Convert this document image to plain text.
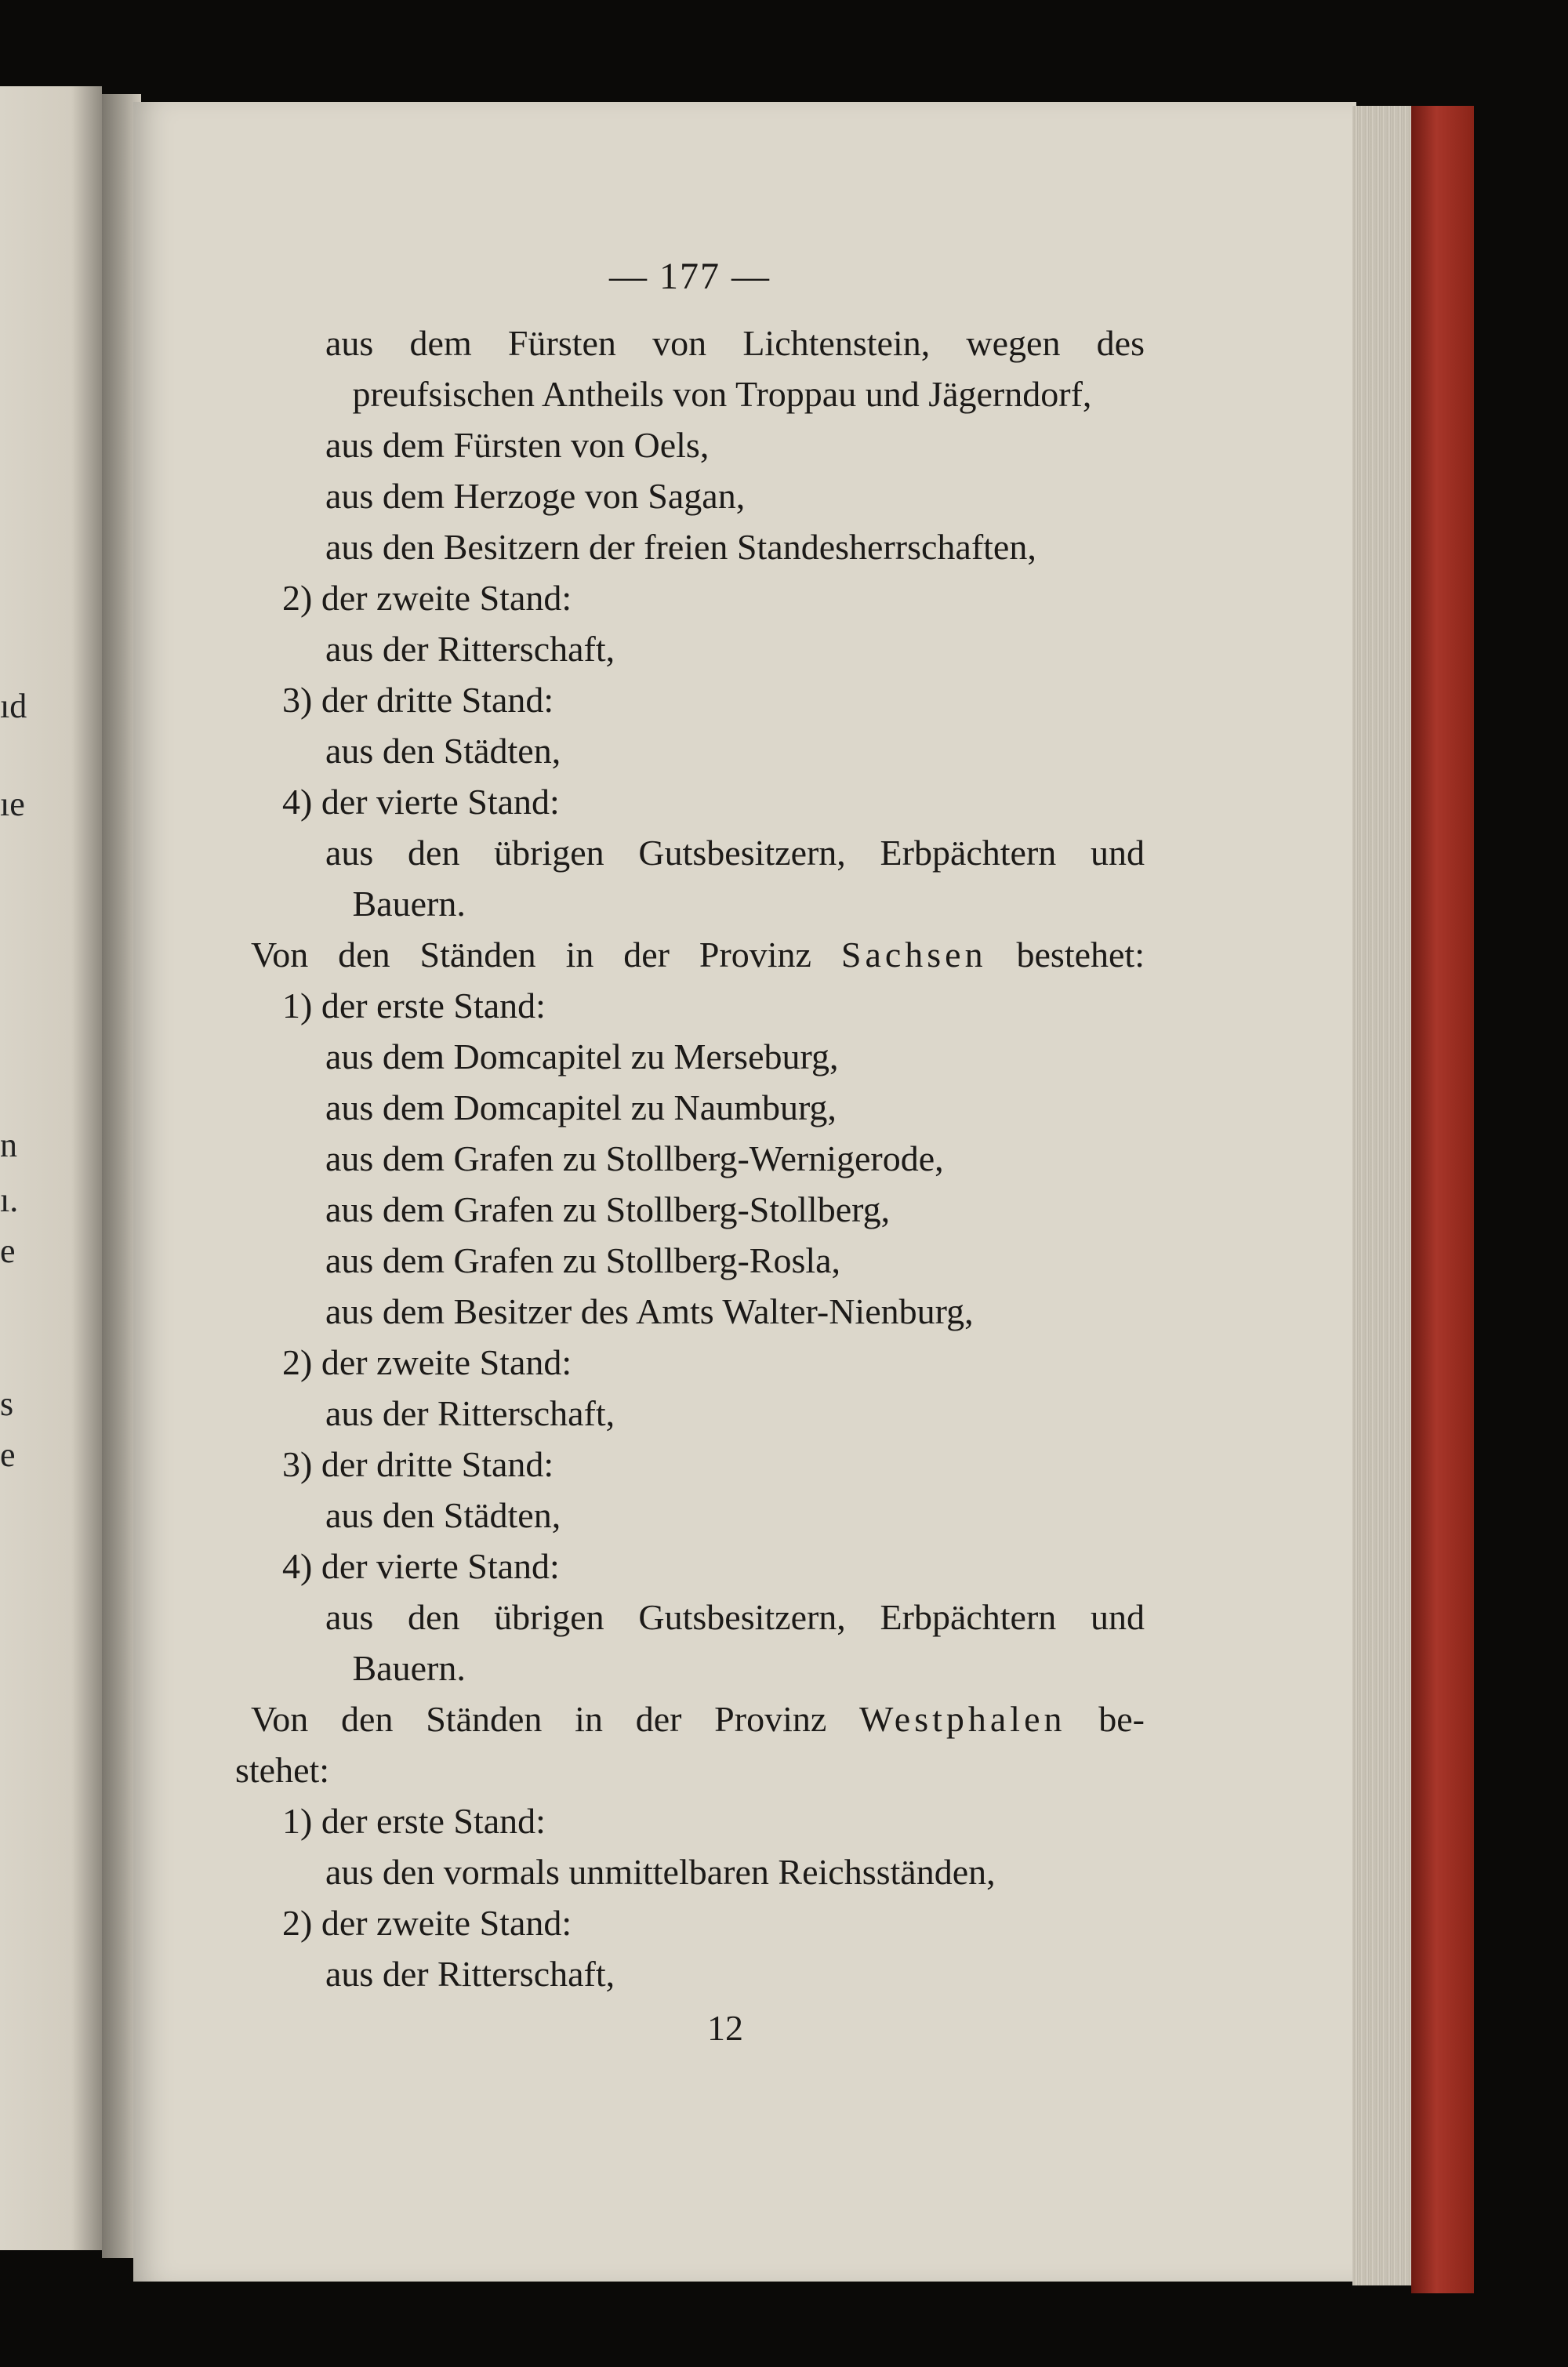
ıd
ıe
n
ı.
e
s
e
— 177 —
aus dem Fürsten von Lichtenstein, wegen des
preufsischen Antheils von Troppau und Jägerndorf,
aus dem Fürsten von Oels,
aus dem Herzoge von Sagan,
aus den Besitzern der freien Standesherrschaften,
2) der zweite Stand:
aus der Ritterschaft,
3) der dritte Stand:
aus den Städten,
4) der vierte Stand:
aus den übrigen Gutsbesitzern, Erbpächtern und
Bauern.
Von den Ständen in der Provinz Sachsen bestehet:
1) der erste Stand:
aus dem Domcapitel zu Merseburg,
aus dem Domcapitel zu Naumburg,
aus dem Grafen zu Stollberg-Wernigerode,
aus dem Grafen zu Stollberg-Stollberg,
aus dem Grafen zu Stollberg-Rosla,
aus dem Besitzer des Amts Walter-Nienburg,
2) der zweite Stand:
aus der Ritterschaft,
3) der dritte Stand:
aus den Städten,
4) der vierte Stand:
aus den übrigen Gutsbesitzern, Erbpächtern und
Bauern.
Von den Ständen in der Provinz Westphalen be-
stehet:
1) der erste Stand:
aus den vormals unmittelbaren Reichsständen,
2) der zweite Stand:
aus der Ritterschaft,
12
